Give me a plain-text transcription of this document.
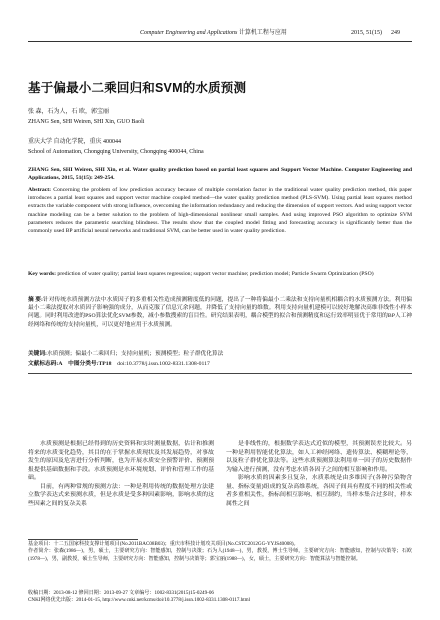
Computer Engineering and Applications 计算机工程与应用	2015, 51(15) 249
基于偏最小二乘回归和SVM的水质预测
张 森，石为人，石 欧，郭宝丽
ZHANG Sen, SHI Weiren, SHI Xin, GUO Baoli
重庆大学 自动化学院，重庆 400044
School of Automation, Chongqing University, Chongqing 400044, China

ZHANG Sen, SHI Weiren, SHI Xin, et al. Water quality prediction based on partial least squares and Support Vector Machine. Computer Engineering and Applications, 2015, 51(15): 249-254.

Abstract: Concerning the problem of low prediction accuracy because of multiple correlation factor in the traditional water quality prediction method, this paper introduces a partial least squares and support vector machine coupled method—the water quality prediction method (PLS-SVM). Using partial least squares method extracts the variable component with strong influence, overcoming the information redundancy and reducing the dimension of support vectors. And using support vector machine modeling can be a better solution to the problem of high-dimensional nonlinear small samples. And using improved PSO algorithm to optimize SVM parameters reduces the parametric searching blindness. The results show that the coupled model fitting and forecasting accuracy is significantly better than the commonly used BP artificial neural networks and traditional SVM, can be better used in water quality prediction.

Key words: prediction of water quality; partial least squares regression; support vector machine; prediction model; Particle Swarm Optimization (PSO)

摘 要:针对传统水质预测方法中水质因子的多重相关性造成预测精度低的问题，提出了一种将偏最小二乘法和支持向量机相耦合的水质预测方法。利用偏最小二乘法提取对水质因子影响强的成分，从而克服了信息冗余问题，并降低了支持向量的维数。利用支持向量机建模可以较好地解决高维非线性小样本问题。同时利用改进的PSO算法优化SVM参数，减小参数搜索的盲目性。研究结果表明，耦合模型的拟合和预测精度和运行效率明显优于常用的BP人工神经网络和传统的支持向量机，可以更好地应用于水质预测。

关键词:水质预测；偏最小二乘回归；支持向量机；预测模型；粒子群优化算法

文献标志码:A 中图分类号:TP18 doi:10.3778/j.issn.1002-8331.1308-0117

水质预测是根据已经得到的历史资料和实时测量数据，估计和推测将来的水质变化趋势，其目的在于掌握水质现状及其发展趋势，对事故发生的原因及危害进行分析判断，也为开展水质安全预警评价、预测预报提供基础数据和手段。水质预测是水环境规划、评价和管理工作的基础。

目前，有两种常规的预测方法：一种是利用传统的数据处理方法建立数学表达式来预测水质，但是水质是受多种因素影响，影响水质的这些因素之间的复杂关系

是非线性的，根据数学表达式近似的模型，其预测误差比较大。另一种是利用智能优化算法，如人工神经网络、遗传算法、模糊理论等，以及粒子群优化算法等。这些水质预测算法利用单一因子的历史数据作为输入进行预测，没有考虑水质各因子之间的相互影响和作用。

影响水质的因素多且复杂，水质系统是由多维因子(各种污染物含量、指标变量)组成的复杂高维系统，各因子间具有程度不同的相关性或者多重相关性，指标间相互影响、相互制约，当样本集合过多时，样本属性之间

基金项目：十二五国家科技支撑计划项目(No.2011BAC08B03)；重庆市科技计划攻关项目(No.CSTC2012GG-YYJS40008)。

作者简介：张森(1986—)，男，硕士，主要研究方向：智能感知，控制与决策；石为人(1948—)，男，教授，博士生导师，主要研究方向：智能感知，控制与决策等；石欧(1978—)，男，副教授，硕士生导师，主要研究方向：智能感知，控制与决策等；郭宝丽(1988—)，女，硕士，主要研究方向：智能算法与智能控制。

收稿日期：2013-08-12 修回日期：2013-09-27 文章编号：1002-8331(2015)15-0249-06

CNKI网络优先出版：2014-01-15, http://www.cnki.net/kcms/doi/10.3778/j.issn.1002-8331.1308-0117.html
